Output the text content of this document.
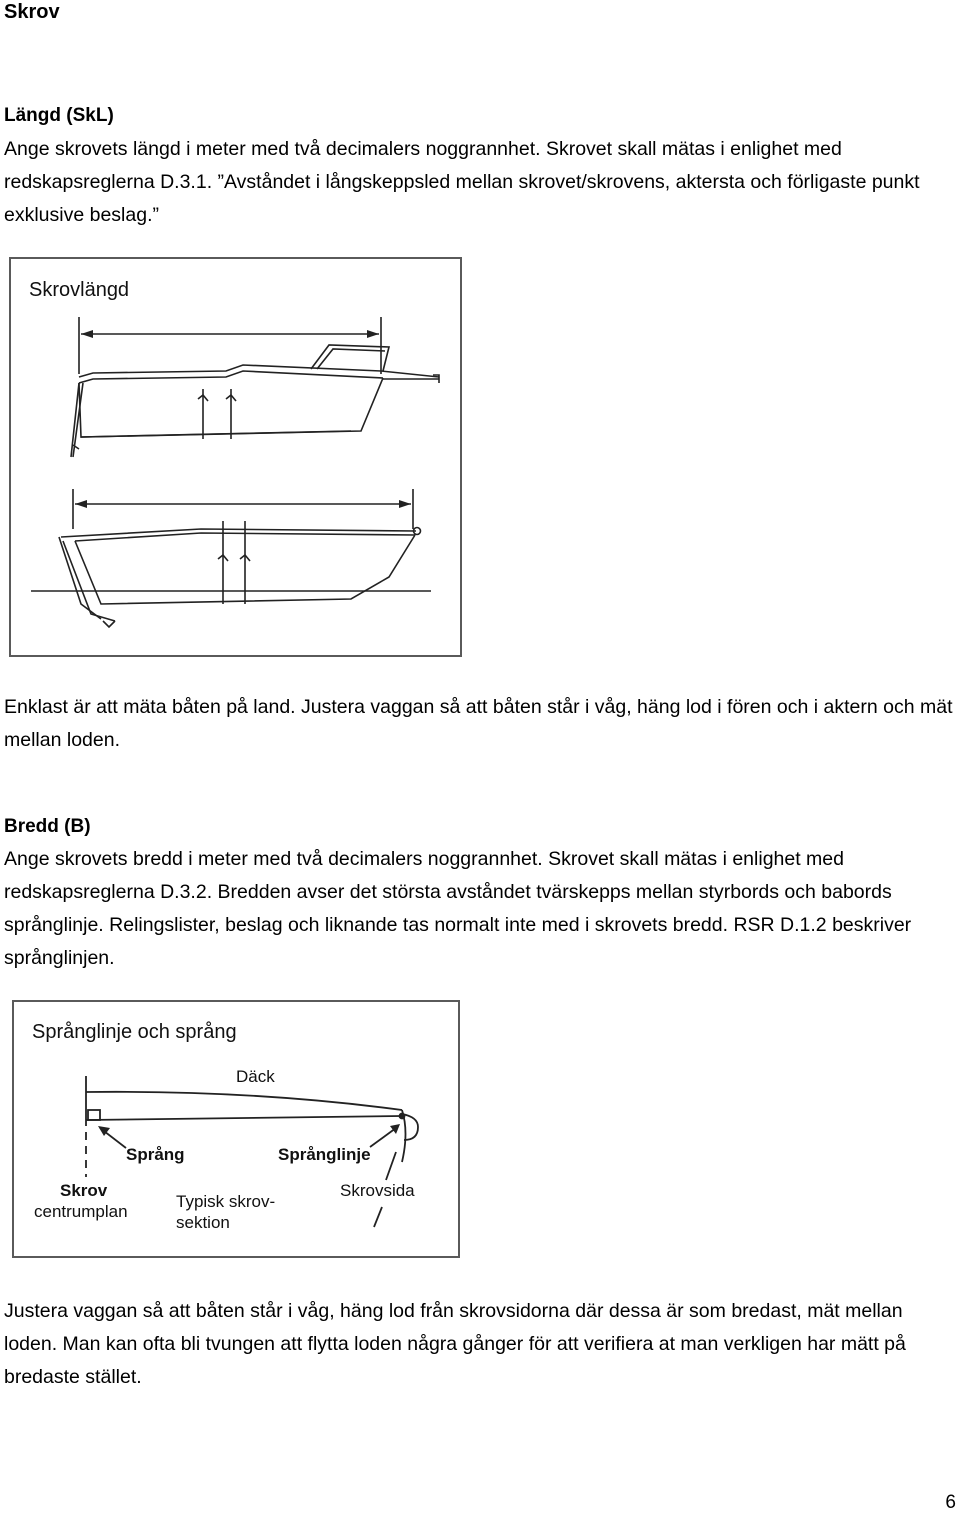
Skrov
Längd (SkL)

Ange skrovets längd i meter med två decimalers noggrannhet. Skrovet skall mätas i enlighet med redskapsreglerna D.3.1. ”Avståndet i långskeppsled mellan skrovet/skrovens, aktersta och förligaste punkt exklusive beslag.”

Skrovlängd

Enklast är att mäta båten på land. Justera vaggan så att båten står i våg, häng lod i fören och i aktern och mät mellan loden.

Bredd (B)

Ange skrovets bredd i meter med två decimalers noggrannhet. Skrovet skall mätas i enlighet med redskapsreglerna D.3.2. Bredden avser det största avståndet tvärskepps mellan styrbords och babords språnglinje. Relingslister, beslag och liknande tas normalt inte med i skrovets bredd. RSR D.1.2 beskriver språnglinjen.

Språnglinje och språng
Däck
Språng	Språnglinje
Skrov
centrumplan
Typisk skrov-
sektion
Skrovsida

Justera vaggan så att båten står i våg, häng lod från skrovsidorna där dessa är som bredast, mät mellan loden. Man kan ofta bli tvungen att flytta loden några gånger för att verifiera at man verkligen har mätt på bredaste stället.

6
